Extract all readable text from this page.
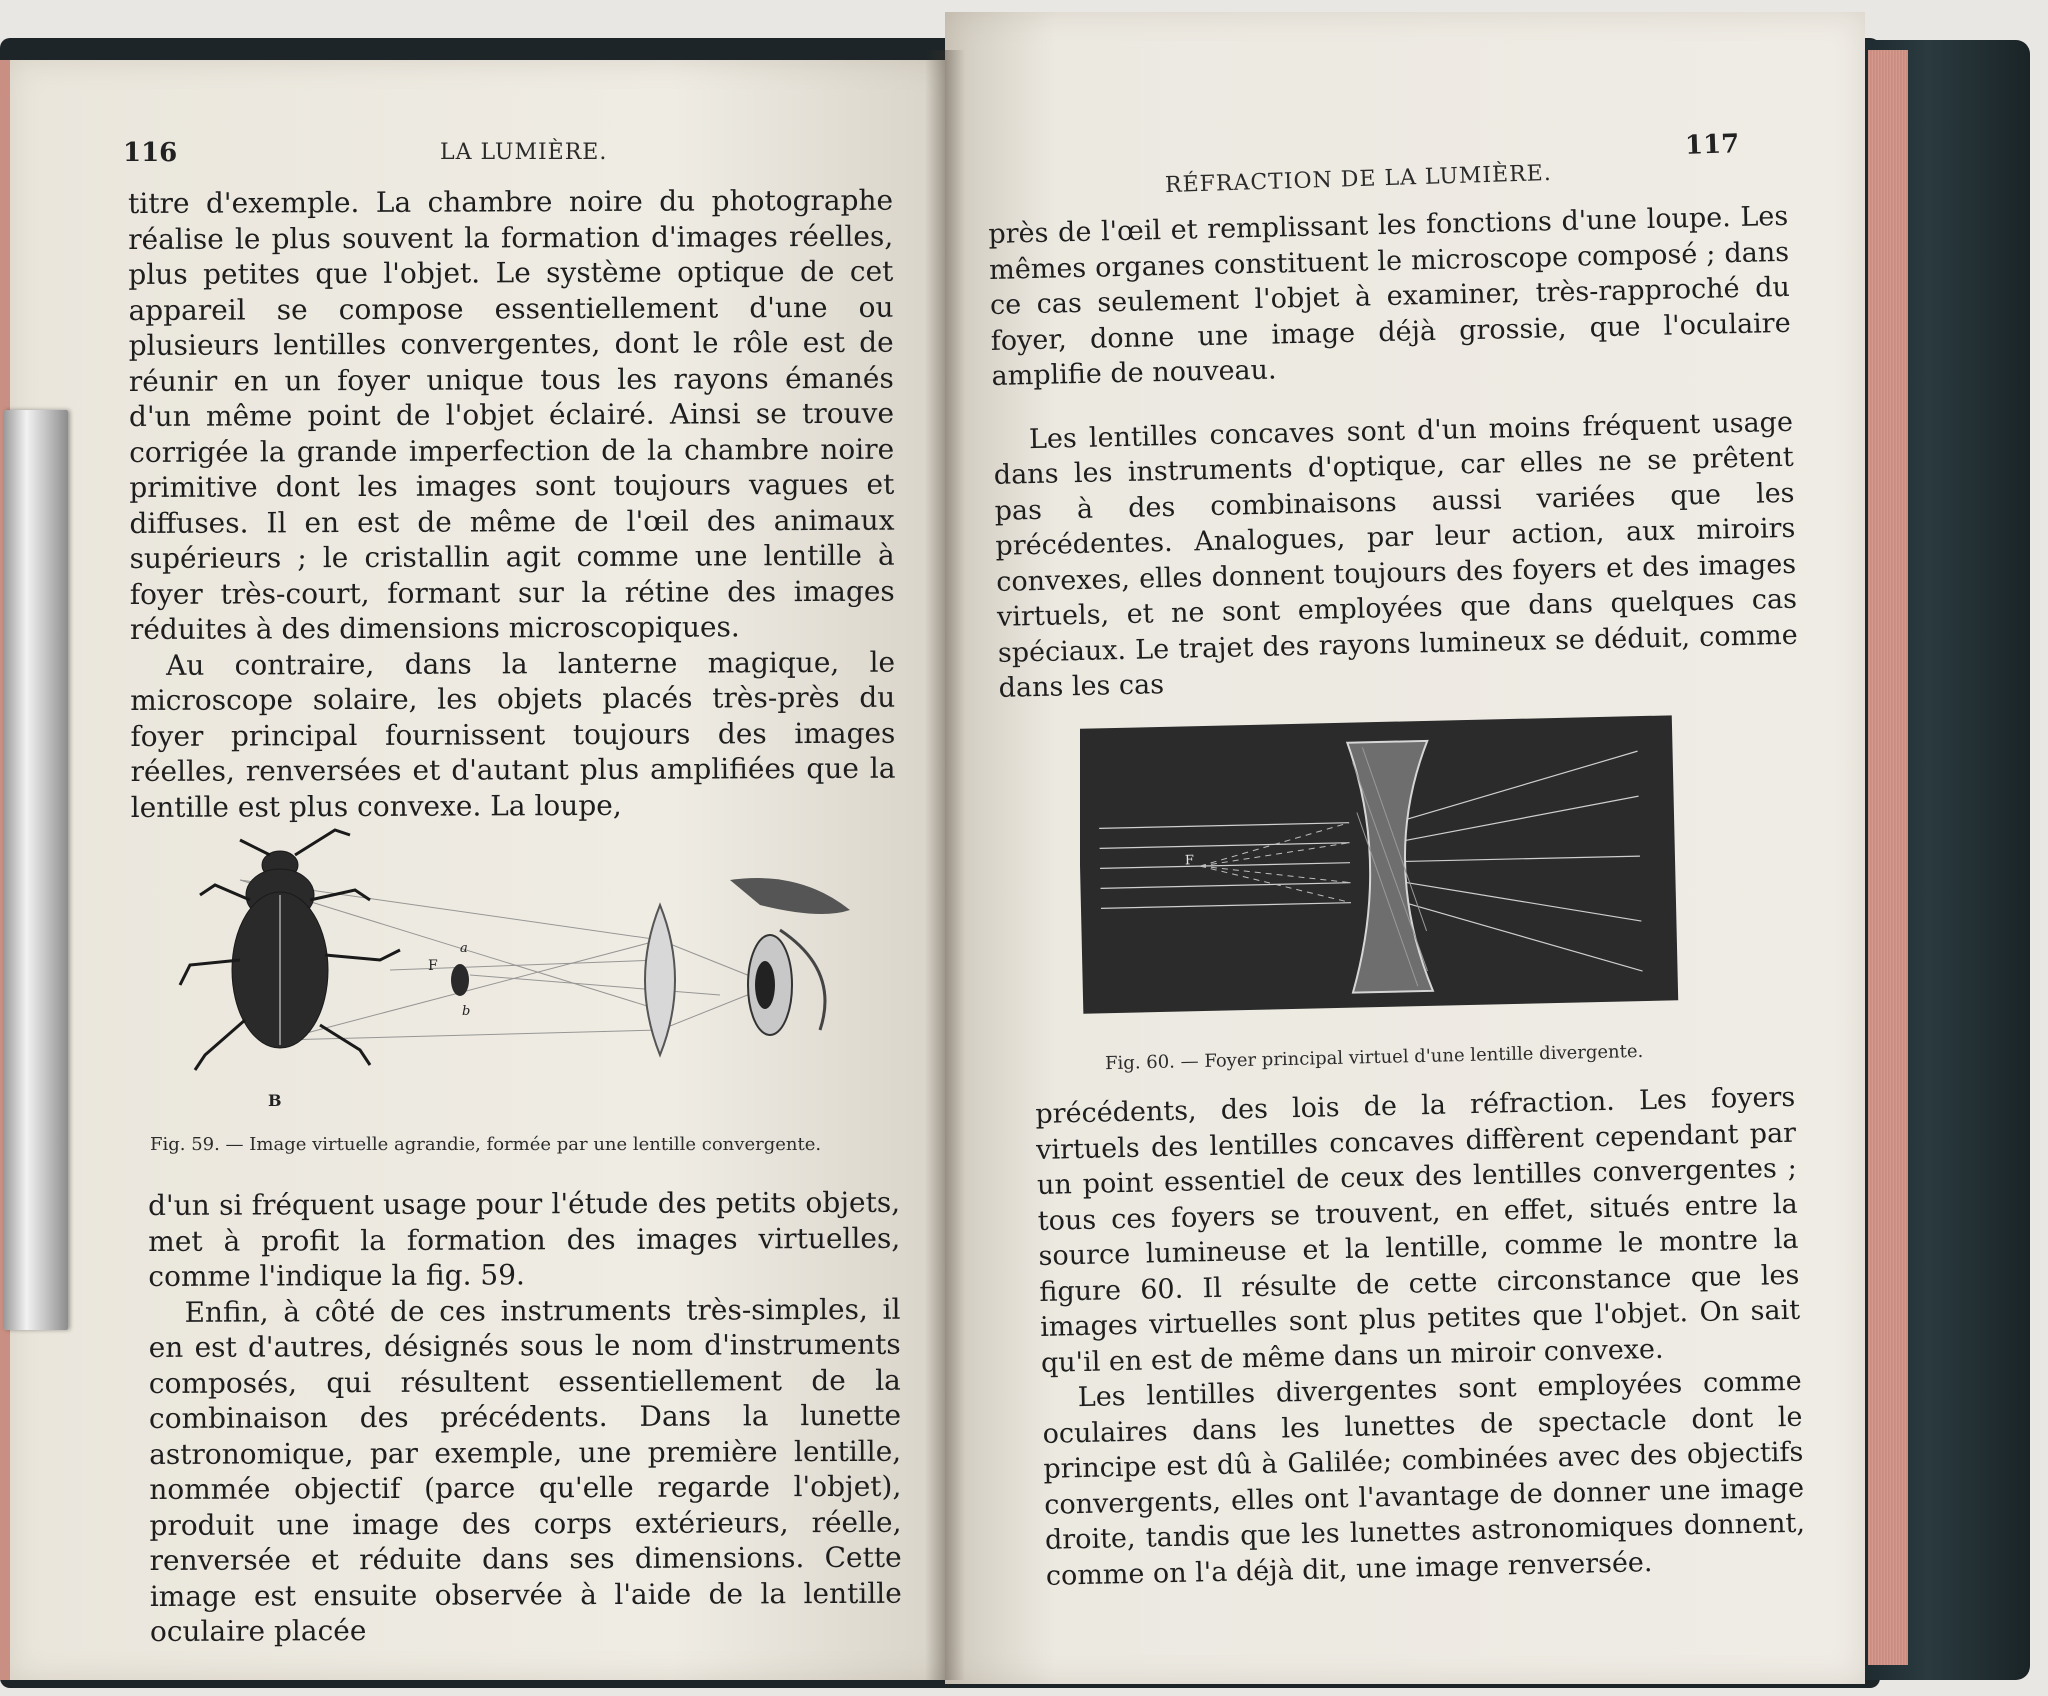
116	LA LUMIÈRE.

titre d'exemple. La chambre noire du photographe réalise le plus souvent la formation d'images réelles, plus petites que l'objet. Le système optique de cet appareil se compose essentiellement d'une ou plusieurs lentilles convergentes, dont le rôle est de réunir en un foyer unique tous les rayons émanés d'un même point de l'objet éclairé. Ainsi se trouve corrigée la grande imperfection de la chambre noire primitive dont les images sont toujours vagues et diffuses. Il en est de même de l'œil des animaux supérieurs ; le cristallin agit comme une lentille à foyer très-court, formant sur la rétine des images réduites à des dimensions microscopiques.

Au contraire, dans la lanterne magique, le microscope solaire, les objets placés très-près du foyer principal fournissent toujours des images réelles, renversées et d'autant plus amplifiées que la lentille est plus convexe. La loupe,

F
a
b
B
Fig. 59. — Image virtuelle agrandie, formée par une lentille convergente.

d'un si fréquent usage pour l'étude des petits objets, met à profit la formation des images virtuelles, comme l'indique la fig. 59.

Enfin, à côté de ces instruments très-simples, il en est d'autres, désignés sous le nom d'instruments composés, qui résultent essentiellement de la combinaison des précédents. Dans la lunette astronomique, par exemple, une première lentille, nommée objectif (parce qu'elle regarde l'objet), produit une image des corps extérieurs, réelle, renversée et réduite dans ses dimensions. Cette image est ensuite observée à l'aide de la lentille oculaire placée

RÉFRACTION DE LA LUMIÈRE.
117

près de l'œil et remplissant les fonctions d'une loupe. Les mêmes organes constituent le microscope composé ; dans ce cas seulement l'objet à examiner, très-rapproché du foyer, donne une image déjà grossie, que l'oculaire amplifie de nouveau.

Les lentilles concaves sont d'un moins fréquent usage dans les instruments d'optique, car elles ne se prêtent pas à des combinaisons aussi variées que les précédentes. Analogues, par leur action, aux miroirs convexes, elles donnent toujours des foyers et des images virtuels, et ne sont employées que dans quelques cas spéciaux. Le trajet des rayons lumineux se déduit, comme dans les cas

F
Fig. 60. — Foyer principal virtuel d'une lentille divergente.

précédents, des lois de la réfraction. Les foyers virtuels des lentilles concaves diffèrent cependant par un point essentiel de ceux des lentilles convergentes ; tous ces foyers se trouvent, en effet, situés entre la source lumineuse et la lentille, comme le montre la figure 60. Il résulte de cette circonstance que les images virtuelles sont plus petites que l'objet. On sait qu'il en est de même dans un miroir convexe.

Les lentilles divergentes sont employées comme oculaires dans les lunettes de spectacle dont le principe est dû à Galilée; combinées avec des objectifs convergents, elles ont l'avantage de donner une image droite, tandis que les lunettes astronomiques donnent, comme on l'a déjà dit, une image renversée.
